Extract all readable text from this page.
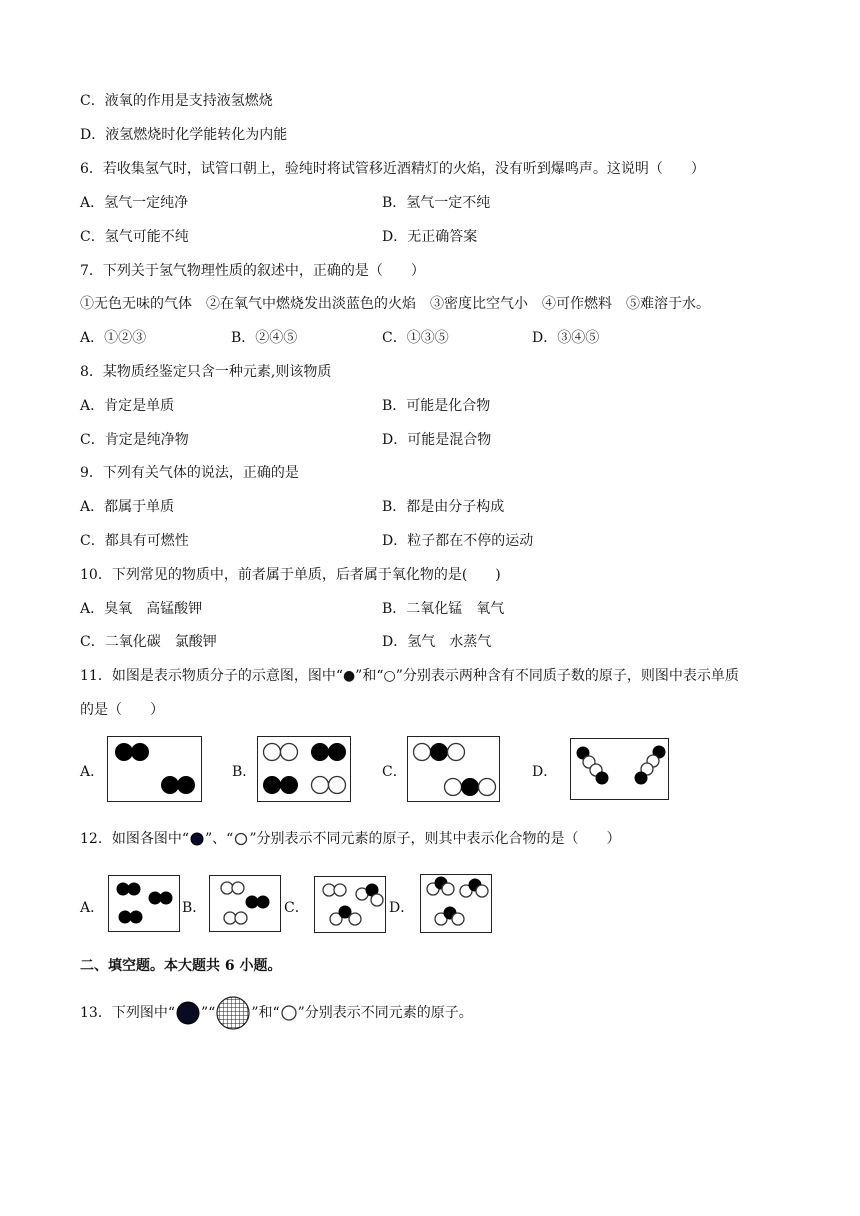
C．液氧的作用是支持液氢燃烧
D．液氢燃烧时化学能转化为内能
6．若收集氢气时，试管口朝上，验纯时将试管移近酒精灯的火焰，没有听到爆鸣声。这说明（　　）
A．氢气一定纯净	B．氢气一定不纯
C．氢气可能不纯	D．无正确答案
7．下列关于氢气物理性质的叙述中，正确的是（　　）
①无色无味的气体　②在氧气中燃烧发出淡蓝色的火焰　③密度比空气小　④可作燃料　⑤难溶于水。
A．①②③	B．②④⑤	C．①③⑤	D．③④⑤
8．某物质经鉴定只含一种元素,则该物质
A．肯定是单质	B．可能是化合物
C．肯定是纯净物	D．可能是混合物
9．下列有关气体的说法，正确的是
A．都属于单质	B．都是由分子构成
C．都具有可燃性	D．粒子都在不停的运动
10．下列常见的物质中，前者属于单质，后者属于氧化物的是(　　)
A．臭氧　高锰酸钾	B．二氧化锰　氧气
C．二氧化碳　氯酸钾	D．氢气　水蒸气
11．如图是表示物质分子的示意图，图中“●”和“○”分别表示两种含有不同质子数的原子，则图中表示单质
的是（　　）
A．	B．	C．	D．
12．如图各图中“ ”、“ ”分别表示不同元素的原子，则其中表示化合物的是（　　）
A．	B．	C．	D．
二、填空题。本大题共 6 小题。
13．下列图中“ ”“	”和“ ”分别表示不同元素的原子。
